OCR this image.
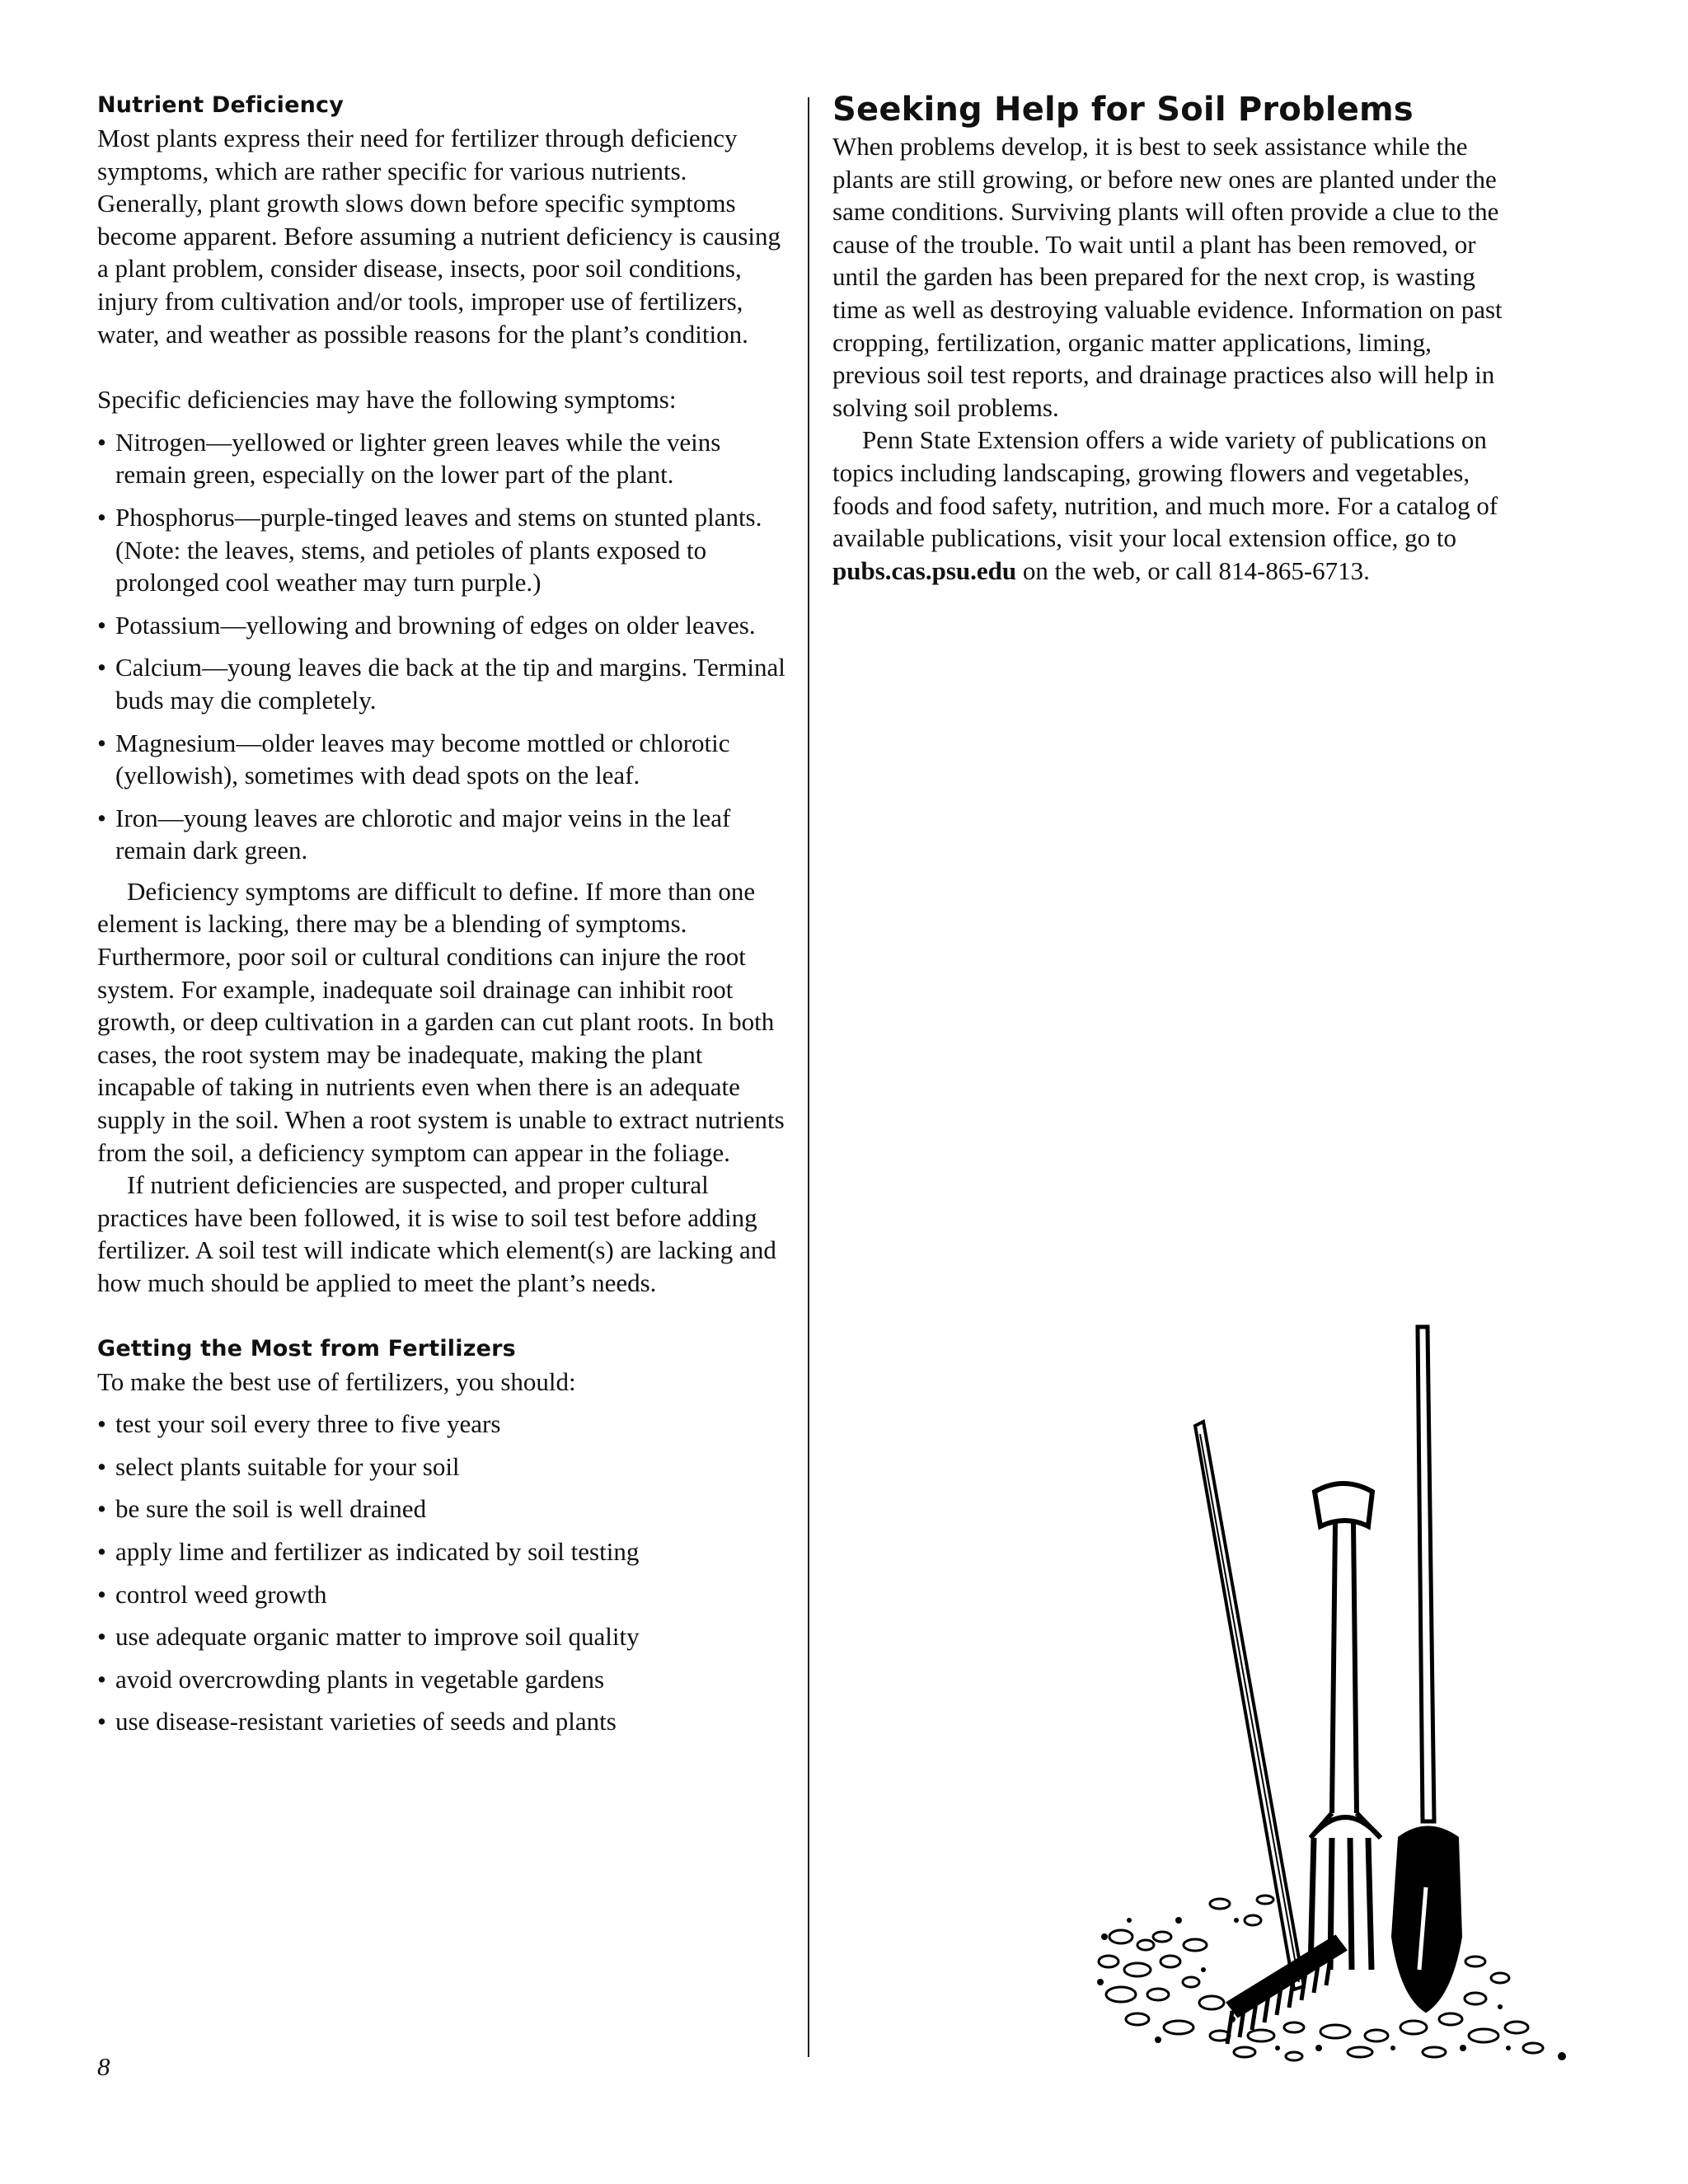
Nutrient Deficiency

Most plants express their need for fertilizer through deficiency symptoms, which are rather specific for various nutrients. Generally, plant growth slows down before specific symptoms become apparent. Before assuming a nutrient deficiency is causing a plant problem, consider disease, insects, poor soil conditions, injury from cultivation and/or tools, improper use of fertilizers, water, and weather as possible reasons for the plant’s condition.

Specific deficiencies may have the following symptoms:

• Nitrogen—yellowed or lighter green leaves while the veins remain green, especially on the lower part of the plant.
• Phosphorus—purple-tinged leaves and stems on stunted plants. (Note: the leaves, stems, and petioles of plants exposed to prolonged cool weather may turn purple.)
• Potassium—yellowing and browning of edges on older leaves.
• Calcium—young leaves die back at the tip and margins. Terminal buds may die completely.
• Magnesium—older leaves may become mottled or chlorotic (yellowish), sometimes with dead spots on the leaf.
• Iron—young leaves are chlorotic and major veins in the leaf remain dark green.

Deficiency symptoms are difficult to define. If more than one element is lacking, there may be a blending of symptoms. Furthermore, poor soil or cultural conditions can injure the root system. For example, inadequate soil drainage can inhibit root growth, or deep cultivation in a garden can cut plant roots. In both cases, the root system may be inadequate, making the plant incapable of taking in nutrients even when there is an adequate supply in the soil. When a root system is unable to extract nutrients from the soil, a deficiency symptom can appear in the foliage.

If nutrient deficiencies are suspected, and proper cultural practices have been followed, it is wise to soil test before adding fertilizer. A soil test will indicate which element(s) are lacking and how much should be applied to meet the plant’s needs.

Getting the Most from Fertilizers

To make the best use of fertilizers, you should:

• test your soil every three to five years
• select plants suitable for your soil
• be sure the soil is well drained
• apply lime and fertilizer as indicated by soil testing
• control weed growth
• use adequate organic matter to improve soil quality
• avoid overcrowding plants in vegetable gardens
• use disease-resistant varieties of seeds and plants
Seeking Help for Soil Problems

When problems develop, it is best to seek assistance while the plants are still growing, or before new ones are planted under the same conditions. Surviving plants will often provide a clue to the cause of the trouble. To wait until a plant has been removed, or until the garden has been prepared for the next crop, is wasting time as well as destroying valuable evidence. Information on past cropping, fertilization, organic matter applications, liming, previous soil test reports, and drainage practices also will help in solving soil problems.

Penn State Extension offers a wide variety of publications on topics including landscaping, growing flowers and vegetables, foods and food safety, nutrition, and much more. For a catalog of available publications, visit your local extension office, go to pubs.cas.psu.edu on the web, or call 814-865-6713.

8
